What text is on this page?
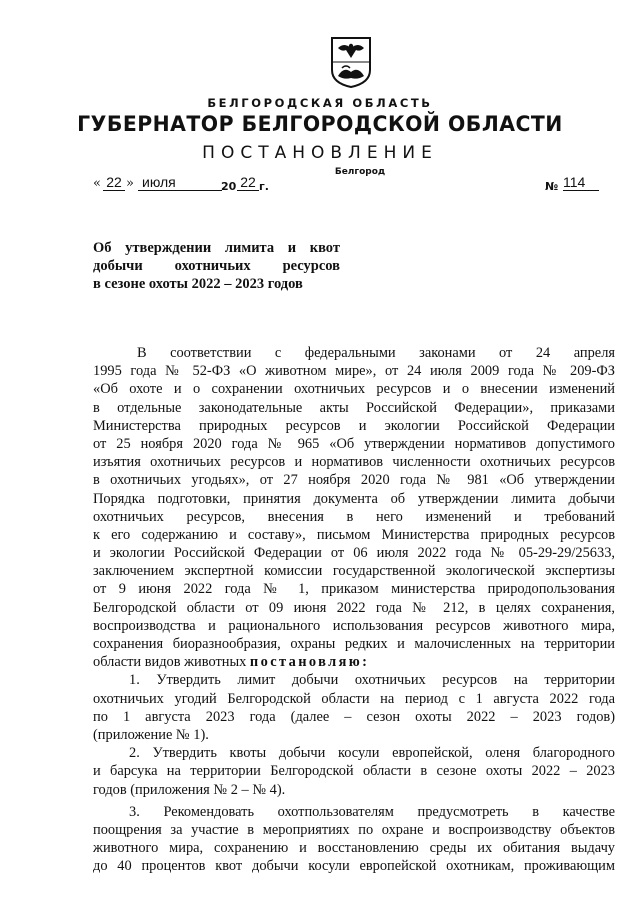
БЕЛГОРОДСКАЯ ОБЛАСТЬ
ГУБЕРНАТОР БЕЛГОРОДСКОЙ ОБЛАСТИ
ПОСТАНОВЛЕНИЕ
Белгород
« 22 » июля	20 22 г.	№ 114
Об утверждении лимита и квот
добычи охотничьих ресурсов
в сезоне охоты 2022 – 2023 годов
В соответствии с федеральными законами от 24 апреля
1995 года № 52-ФЗ «О животном мире», от 24 июля 2009 года № 209-ФЗ
«Об охоте и о сохранении охотничьих ресурсов и о внесении изменений
в отдельные законодательные акты Российской Федерации», приказами
Министерства природных ресурсов и экологии Российской Федерации
от 25 ноября 2020 года № 965 «Об утверждении нормативов допустимого
изъятия охотничьих ресурсов и нормативов численности охотничьих ресурсов
в охотничьих угодьях», от 27 ноября 2020 года № 981 «Об утверждении
Порядка подготовки, принятия документа об утверждении лимита добычи
охотничьих ресурсов, внесения в него изменений и требований
к его содержанию и составу», письмом Министерства природных ресурсов
и экологии Российской Федерации от 06 июля 2022 года № 05-29-29/25633,
заключением экспертной комиссии государственной экологической экспертизы
от 9 июня 2022 года № 1, приказом министерства природопользования
Белгородской области от 09 июня 2022 года № 212, в целях сохранения,
воспроизводства и рационального использования ресурсов животного мира,
сохранения биоразнообразия, охраны редких и малочисленных на территории
области видов животных постановляю:
1. Утвердить лимит добычи охотничьих ресурсов на территории
охотничьих угодий Белгородской области на период с 1 августа 2022 года
по 1 августа 2023 года (далее – сезон охоты 2022 – 2023 годов)
(приложение № 1).
2. Утвердить квоты добычи косули европейской, оленя благородного
и барсука на территории Белгородской области в сезоне охоты 2022 – 2023
годов (приложения № 2 – № 4).
3. Рекомендовать охотпользователям предусмотреть в качестве
поощрения за участие в мероприятиях по охране и воспроизводству объектов
животного мира, сохранению и восстановлению среды их обитания выдачу
до 40 процентов квот добычи косули европейской охотникам, проживающим
